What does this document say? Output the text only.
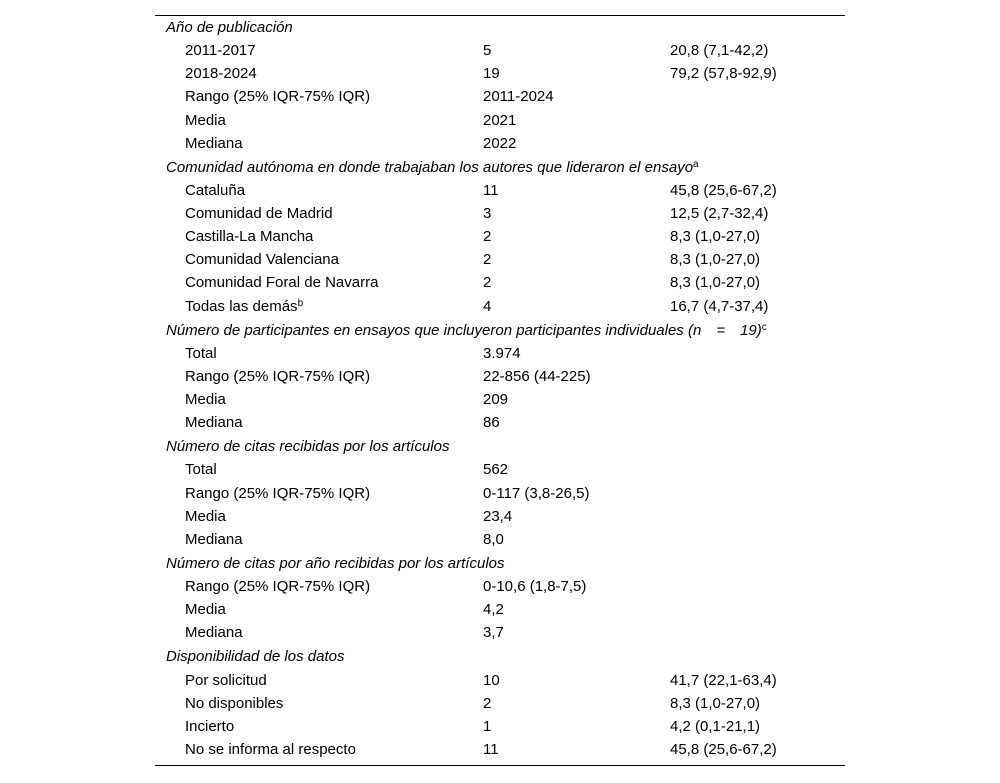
Año de publicación
2011-2017	5	20,8 (7,1-42,2)
2018-2024	19	79,2 (57,8-92,9)
Rango (25% IQR-75% IQR)	2011-2024
Media	2021
Mediana	2022
Comunidad autónoma en donde trabajaban los autores que lideraron el ensayo$^a$
Cataluña	11	45,8 (25,6-67,2)
Comunidad de Madrid	3	12,5 (2,7-32,4)
Castilla-La Mancha	2	8,3 (1,0-27,0)
Comunidad Valenciana	2	8,3 (1,0-27,0)
Comunidad Foral de Navarra	2	8,3 (1,0-27,0)
Todas las demás$^b$	4	16,7 (4,7-37,4)
Número de participantes en ensayos que incluyeron participantes individuales (n = 19)$^c$
Total	3.974
Rango (25% IQR-75% IQR)	22-856 (44-225)
Media	209
Mediana	86
Número de citas recibidas por los artículos
Total	562
Rango (25% IQR-75% IQR)	0-117 (3,8-26,5)
Media	23,4
Mediana	8,0
Número de citas por año recibidas por los artículos
Rango (25% IQR-75% IQR)	0-10,6 (1,8-7,5)
Media	4,2
Mediana	3,7
Disponibilidad de los datos
Por solicitud	10	41,7 (22,1-63,4)
No disponibles	2	8,3 (1,0-27,0)
Incierto	1	4,2 (0,1-21,1)
No se informa al respecto	11	45,8 (25,6-67,2)
